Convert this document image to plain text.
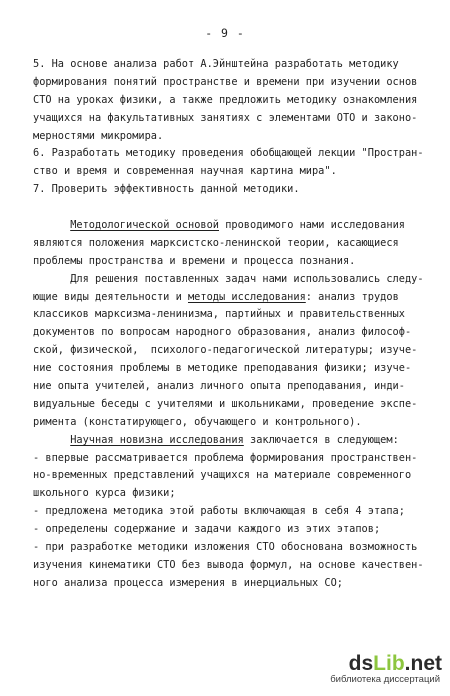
- 9 -
5. На основе анализа работ А.Эйнштейна разработать методику
формирования понятий пространстве и времени при изучении основ
СТО на уроках физики, а также предложить методику ознакомления
учащихся на факультативных занятиях с элементами ОТО и законо-
мерностями микромира.
6. Разработать методику проведения обобщающей лекции "Простран-
ство и время и современная научная картина мира".
7. Проверить эффективность данной методики.
Методологической основой проводимого нами исследования
являются положения марксистско-ленинской теории, касающиеся
проблемы пространства и времени и процесса познания.
Для решения поставленных задач нами использовались следу-
ющие виды деятельности и методы исследования: анализ трудов
классиков марксизма-ленинизма, партийных и правительственных
документов по вопросам народного образования, анализ философ-
ской, физической,  психолого-педагогической литературы; изуче-
ние состояния проблемы в методике преподавания физики; изуче-
ние опыта учителей, анализ личного опыта преподавания, инди-
видуальные беседы с учителями и школьниками, проведение экспе-
римента (констатирующего, обучающего и контрольного).
Научная новизна исследования заключается в следующем:
- впервые рассматривается проблема формирования пространствен-
но-временных представлений учащихся на материале современного
школьного курса физики;
- предложена методика этой работы включающая в себя 4 этапа;
- определены содержание и задачи каждого из этих этапов;
- при разработке методики изложения СТО обоснована возможность
изучения кинематики СТО без вывода формул, на основе качествен-
ного анализа процесса измерения в инерциальных СО;
dsLib.net
библиотека диссертаций
